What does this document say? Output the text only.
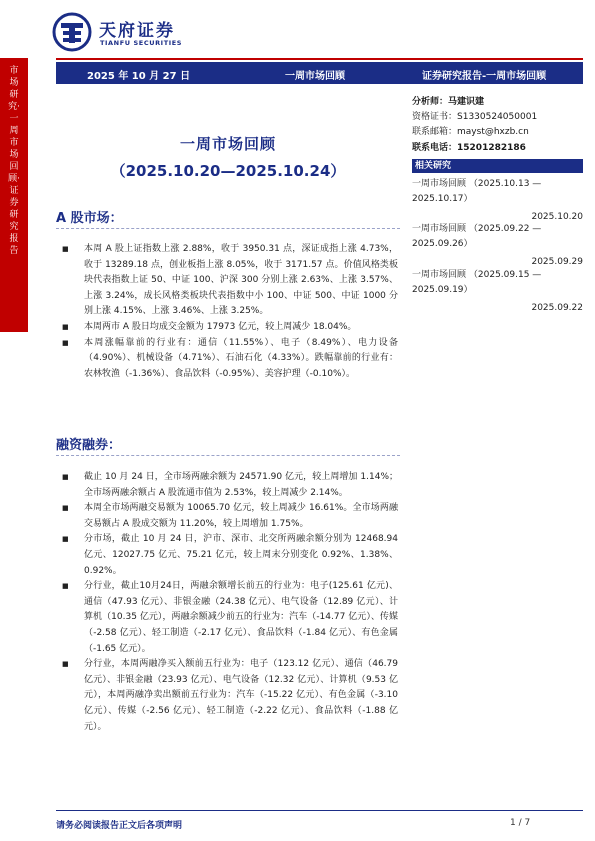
天府证券
TIANFU SECURITIES
2025 年 10 月 27 日	一周市场回顾	证券研究报告-一周市场回顾
市场研究·一周市场回顾·证券研究报告
一周市场回顾
（2025.10.20—2025.10.24）
A 股市场：
■ 本周 A 股上证指数上涨 2.88%，收于 3950.31 点，深证成指上涨 4.73%，收于 13289.18 点，创业板指上涨 8.05%，收于 3171.57 点。价值风格类板块代表指数上证 50、中证 100、沪深 300 分别上涨 2.63%、上涨 3.57%、上涨 3.24%，成长风格类板块代表指数中小 100、中证 500、中证 1000 分别上涨 4.15%、上涨 3.46%、上涨 3.25%。
■ 本周两市 A 股日均成交金额为 17973 亿元，较上周减少 18.04%。
■ 本周涨幅靠前的行业有：通信（11.55%）、电子（8.49%）、电力设备（4.90%）、机械设备（4.71%）、石油石化（4.33%）。跌幅靠前的行业有：农林牧渔（-1.36%）、食品饮料（-0.95%）、美容护理（-0.10%）。
融资融券：
■ 截止 10 月 24 日，全市场两融余额为 24571.90 亿元，较上周增加 1.14%；全市场两融余额占 A 股流通市值为 2.53%，较上周减少 2.14%。
■ 本周全市场两融交易额为 10065.70 亿元，较上周减少 16.61%。全市场两融交易额占 A 股成交额为 11.20%，较上周增加 1.75%。
■ 分市场，截止 10 月 24 日，沪市、深市、北交所两融余额分别为 12468.94 亿元、12027.75 亿元、75.21 亿元，较上周末分别变化 0.92%、1.38%、0.92%。
■ 分行业，截止10月24日，两融余额增长前五的行业为：电子(125.61 亿元)、通信（47.93 亿元）、非银金融（24.38 亿元）、电气设备（12.89 亿元）、计算机（10.35 亿元），两融余额减少前五的行业为：汽车（-14.77 亿元）、传媒（-2.58 亿元）、轻工制造（-2.17 亿元）、食品饮料（-1.84 亿元）、有色金属（-1.65 亿元）。
■ 分行业，本周两融净买入额前五行业为：电子（123.12 亿元）、通信（46.79 亿元）、非银金融（23.93 亿元）、电气设备（12.32 亿元）、计算机（9.53 亿元），本周两融净卖出额前五行业为：汽车（-15.22 亿元）、有色金属（-3.10 亿元）、传媒（-2.56 亿元）、轻工制造（-2.22 亿元）、食品饮料（-1.88 亿元）。
分析师：马建识建
资格证书：S1330524050001
联系邮箱：mayst@hxzb.cn
联系电话：15201282186
相关研究
一周市场回顾 （2025.10.13 — 2025.10.17）
2025.10.20
一周市场回顾 （2025.09.22 — 2025.09.26）
2025.09.29
一周市场回顾 （2025.09.15 — 2025.09.19）
2025.09.22
请务必阅读报告正文后各项声明	1 / 7
